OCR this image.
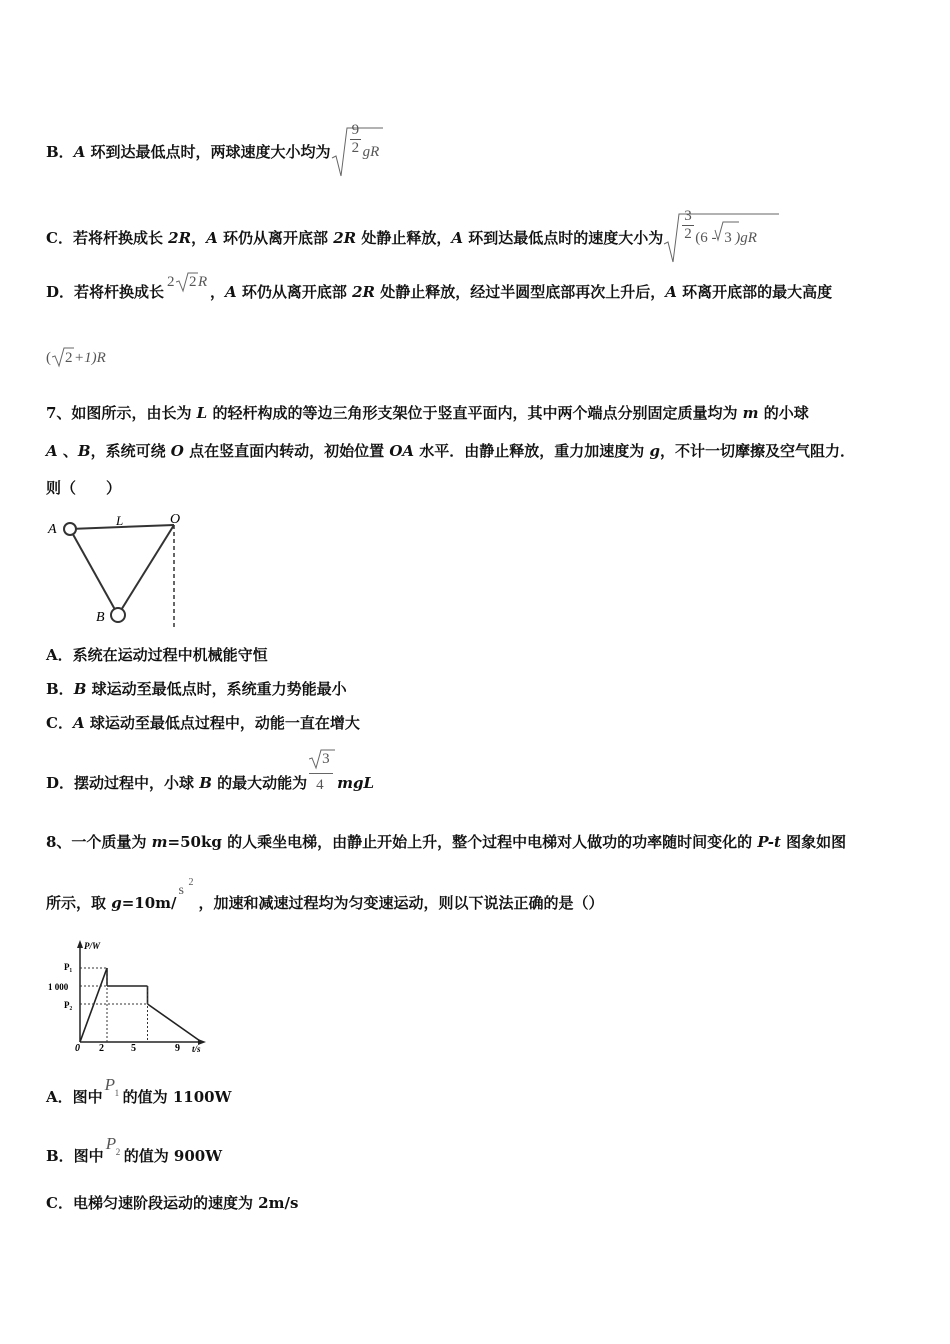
B．A 环到达最低点时，两球速度大小均为 $\frac{9}{2}$ gR
C．若将杆换成长 2R，A 环仍从离开底部 2R 处静止释放，A 环到达最低点时的速度大小为 $\frac{3}{2} (6 - 3$ )gR
D．若将杆换成长
2 2 R
，A 环仍从离开底部 2R 处静止释放，经过半圆型底部再次上升后，A 环离开底部的最大高度
( 2 +1)R
7、如图所示，由长为 L 的轻杆构成的等边三角形支架位于竖直平面内，其中两个端点分别固定质量均为 m 的小球
A 、B，系统可绕 O 点在竖直面内转动，初始位置 OA 水平．由静止释放，重力加速度为 g，不计一切摩擦及空气阻力．
则（　　）
A
L	O
B
A．系统在运动过程中机械能守恒
B．B 球运动至最低点时，系统重力势能最小
C．A 球运动至最低点过程中，动能一直在增大
D．摆动过程中，小球 B 的最大动能为
3
4 mgL
8、一个质量为 m=50kg 的人乘坐电梯，由静止开始上升，整个过程中电梯对人做功的功率随时间变化的 P-t 图象如图
所示，取 g=10m/
s
2
，加速和减速过程均为匀变速运动，则以下说法正确的是（）
P/W
t/s
P₁
1 000
P₂
0 2	5	9
A．图中
P 1 的值为 1100W
B．图中
P 2 的值为 900W
C．电梯匀速阶段运动的速度为 2m/s
